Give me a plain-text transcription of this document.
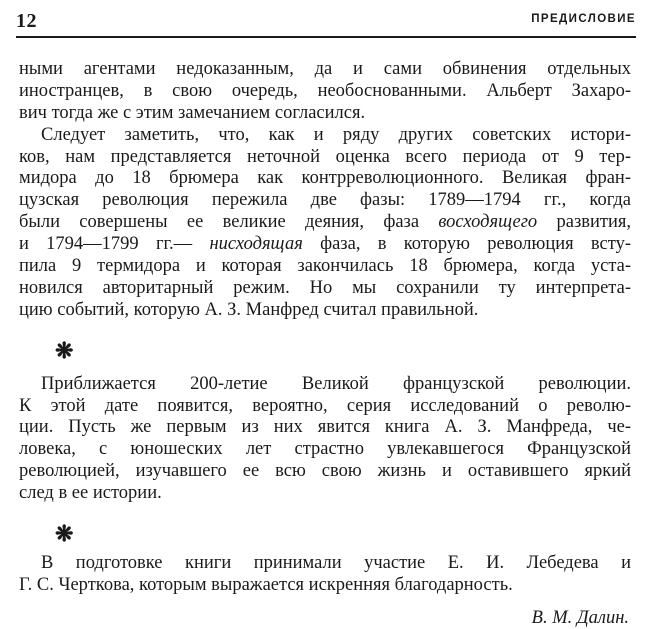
12	ПРЕДИСЛОВИЕ
ными агентами недоказанным, да и сами обвинения отдельных
иностранцев, в свою очередь, необоснованными. Альберт Захаро-
вич тогда же с этим замечанием согласился.
Следует заметить, что, как и ряду других советских истори-
ков, нам представляется неточной оценка всего периода от 9 тер-
мидора до 18 брюмера как контрреволюционного. Великая фран-
цузская революция пережила две фазы: 1789—1794 гг., когда
были совершены ее великие деяния, фаза восходящего развития,
и 1794—1799 гг.— нисходящая фаза, в которую революция всту-
пила 9 термидора и которая закончилась 18 брюмера, когда уста-
новился авторитарный режим. Но мы сохранили ту интерпрета-
цию событий, которую А. З. Манфред считал правильной.
❋
Приближается 200-летие Великой французской революции.
К этой дате появится, вероятно, серия исследований о револю-
ции. Пусть же первым из них явится книга А. З. Манфреда, че-
ловека, с юношеских лет страстно увлекавшегося Французской
революцией, изучавшего ее всю свою жизнь и оставившего яркий
след в ее истории.
❋
В подготовке книги принимали участие Е. И. Лебедева и
Г. С. Черткова, которым выражается искренняя благодарность.
В. М. Далин.
